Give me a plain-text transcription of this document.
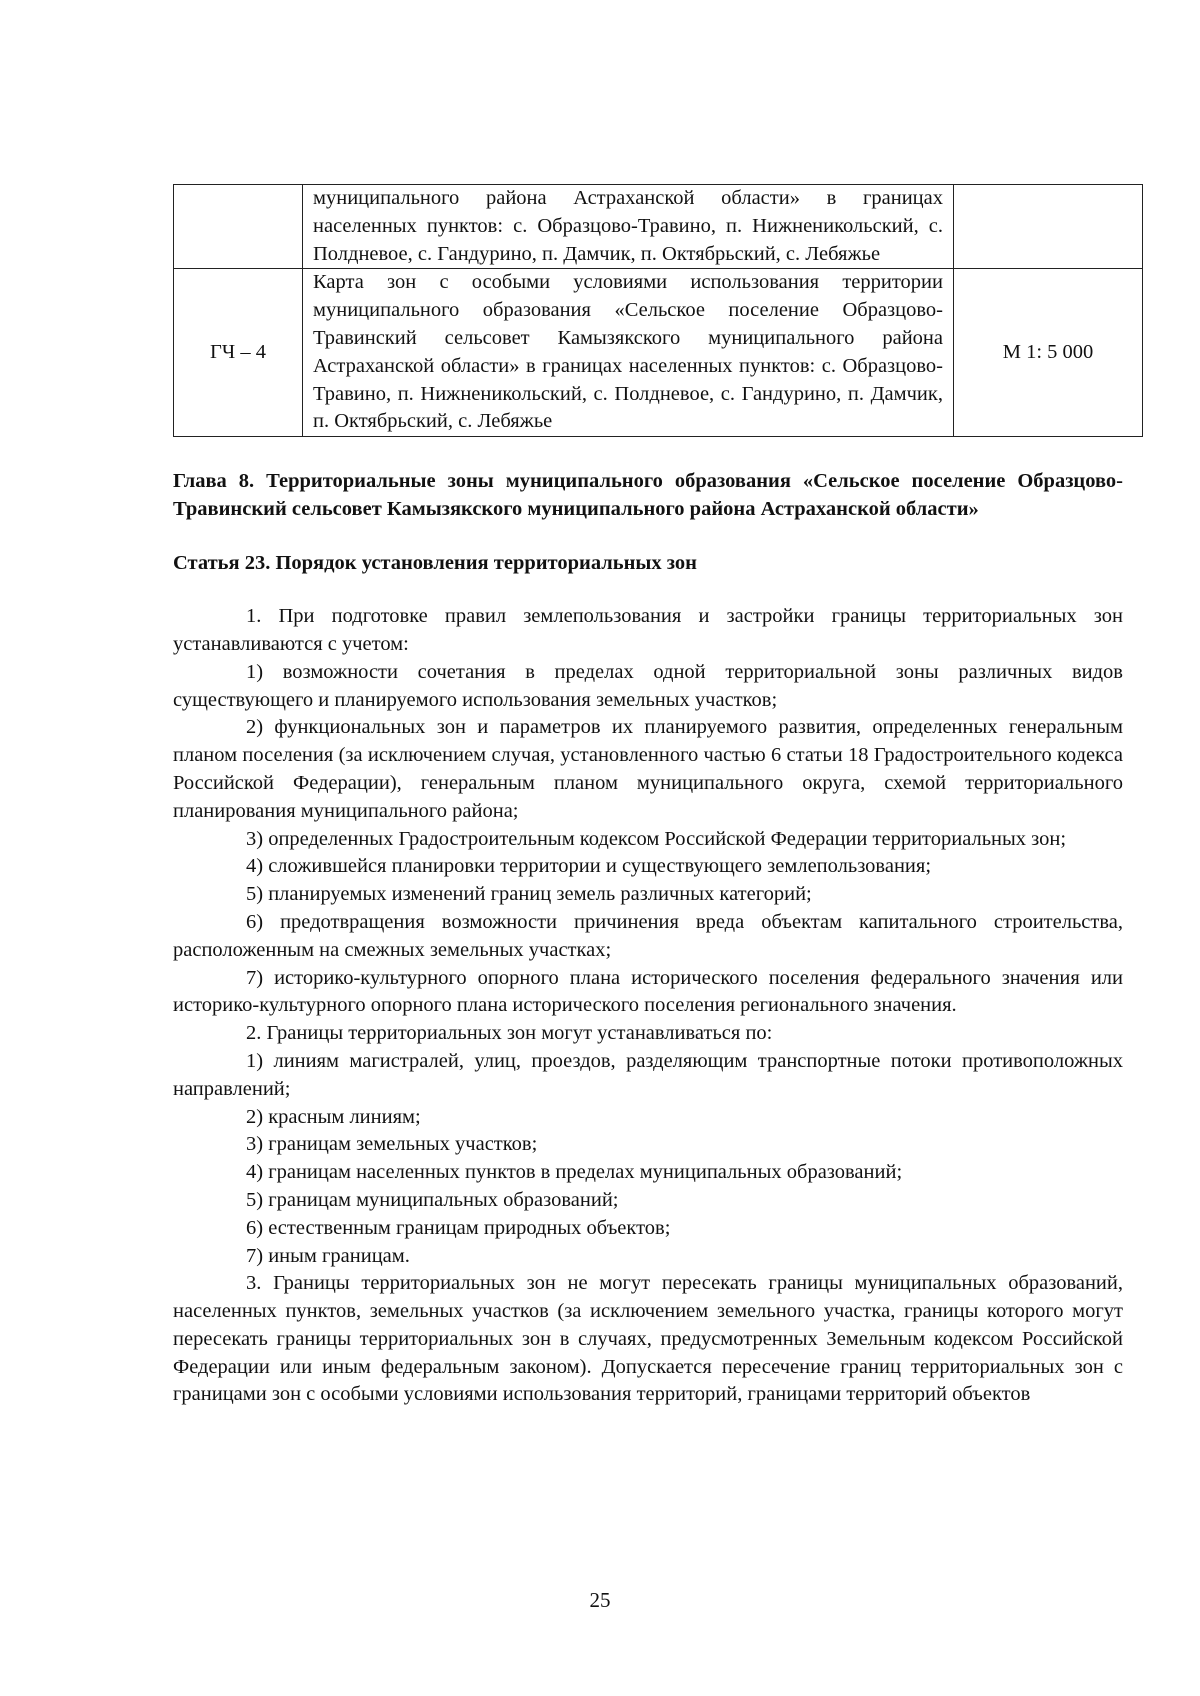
	муниципального района Астраханской области» в границах населенных пунктов: с. Образцово-Травино, п. Нижненикольский, с. Полдневое, с. Гандурино, п. Дамчик, п. Октябрьский, с. Лебяжье	
ГЧ – 4	Карта зон с особыми условиями использования территории муниципального образования «Сельское поселение Образцово-Травинский сельсовет Камызякского муниципального района Астраханской области» в границах населенных пунктов: с. Образцово-Травино, п. Нижненикольский, с. Полдневое, с. Гандурино, п. Дамчик, п. Октябрьский, с. Лебяжье	М 1: 5 000
Глава 8. Территориальные зоны муниципального образования «Сельское поселение Образцово-Травинский сельсовет Камызякского муниципального района Астраханской области»
Статья 23. Порядок установления территориальных зон

1. При подготовке правил землепользования и застройки границы территориальных зон устанавливаются с учетом:

1) возможности сочетания в пределах одной территориальной зоны различных видов существующего и планируемого использования земельных участков;

2) функциональных зон и параметров их планируемого развития, определенных генеральным планом поселения (за исключением случая, установленного частью 6 статьи 18 Градостроительного кодекса Российской Федерации), генеральным планом муниципального округа, схемой территориального планирования муниципального района;

3) определенных Градостроительным кодексом Российской Федерации территориальных зон;

4) сложившейся планировки территории и существующего землепользования;

5) планируемых изменений границ земель различных категорий;

6) предотвращения возможности причинения вреда объектам капитального строительства, расположенным на смежных земельных участках;

7) историко-культурного опорного плана исторического поселения федерального значения или историко-культурного опорного плана исторического поселения регионального значения.

2. Границы территориальных зон могут устанавливаться по:

1) линиям магистралей, улиц, проездов, разделяющим транспортные потоки противоположных направлений;

2) красным линиям;

3) границам земельных участков;

4) границам населенных пунктов в пределах муниципальных образований;

5) границам муниципальных образований;

6) естественным границам природных объектов;

7) иным границам.

3. Границы территориальных зон не могут пересекать границы муниципальных образований, населенных пунктов, земельных участков (за исключением земельного участка, границы которого могут пересекать границы территориальных зон в случаях, предусмотренных Земельным кодексом Российской Федерации или иным федеральным законом). Допускается пересечение границ территориальных зон с границами зон с особыми условиями использования территорий, границами территорий объектов

25
